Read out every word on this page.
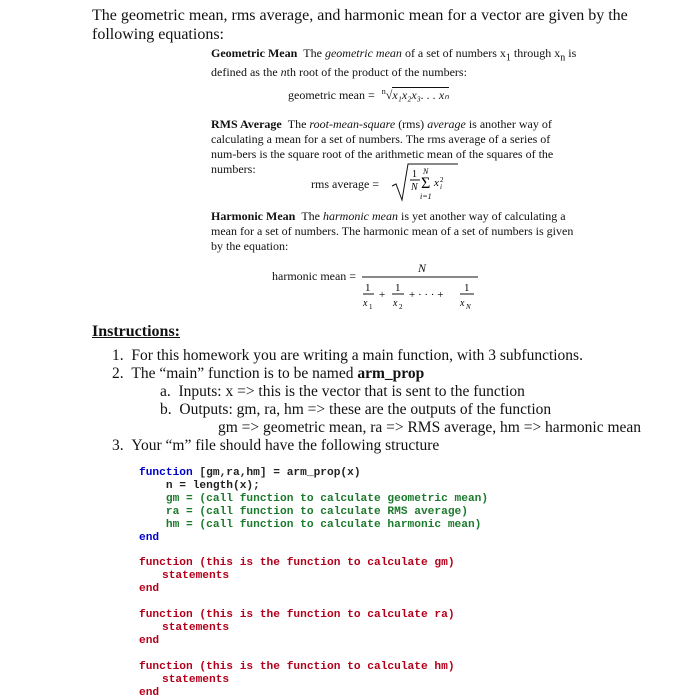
The geometric mean, rms average, and harmonic mean for a vector are given by the following equations:
Geometric Mean The geometric mean of a set of numbers $x_1$ through $x_n$ is defined as the nth root of the product of the numbers:
geometric mean = $^n$√x₁x₂x₃. . . xₙ
RMS Average The root-mean-square (rms) average is another way of calculating a mean for a set of numbers. The rms average of a series of num-bers is the square root of the arithmetic mean of the squares of the numbers:
rms average =
1
N
N
Σ
i=1
x 2
i
Harmonic Mean The harmonic mean is yet another way of calculating a mean for a set of numbers. The harmonic mean of a set of numbers is given by the equation:
harmonic mean =
N
1
x 1
+
1
x 2
+ · · · +
1
x N
Instructions:
1.  For this homework you are writing a main function, with 3 subfunctions.
2.  The “main” function is to be named arm_prop
a.  Inputs: x => this is the vector that is sent to the function
b.  Outputs: gm, ra, hm => these are the outputs of the function
gm => geometric mean, ra => RMS average, hm => harmonic mean
3.  Your “m” file should have the following structure
function [gm,ra,hm] = arm_prop(x)
n = length(x);
gm = (call function to calculate geometric mean)
ra = (call function to calculate RMS average)
hm = (call function to calculate harmonic mean)
end
function (this is the function to calculate gm)
statements
end
function (this is the function to calculate ra)
statements
end
function (this is the function to calculate hm)
statements
end
